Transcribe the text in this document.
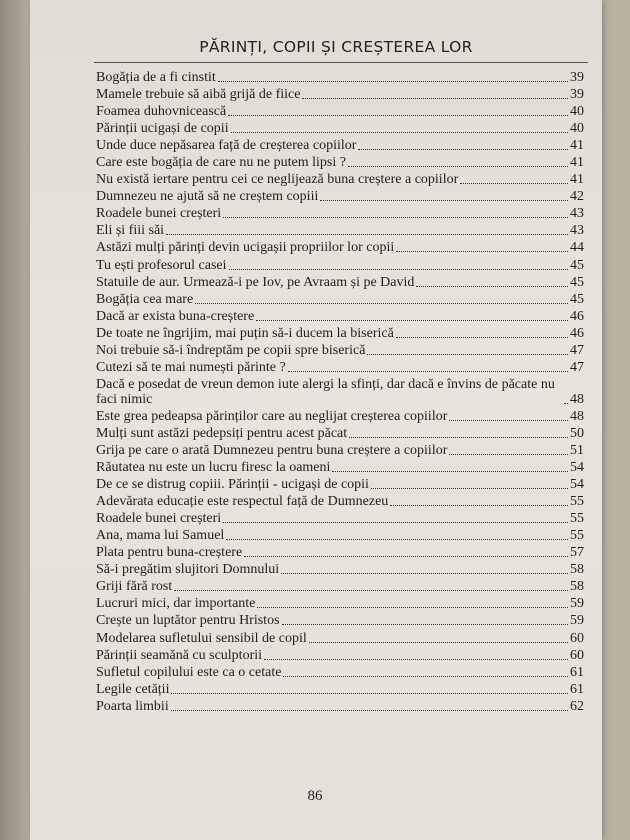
PĂRINȚI, COPII ȘI CREȘTEREA LOR
Bogăția de a fi cinstit	39
Mamele trebuie să aibă grijă de fiice	39
Foamea duhovnicească	40
Părinții ucigași de copii	40
Unde duce nepăsarea față de creșterea copiilor	41
Care este bogăția de care nu ne putem lipsi ?	41
Nu există iertare pentru cei ce neglijează buna creștere a copiilor	41
Dumnezeu ne ajută să ne creștem copiii	42
Roadele bunei creșteri	43
Eli și fiii săi	43
Astăzi mulți părinți devin ucigașii propriilor lor copii	44
Tu ești profesorul casei	45
Statuile de aur. Urmează-i pe Iov, pe Avraam și pe David	45
Bogăția cea mare	45
Dacă ar exista buna-creștere	46
De toate ne îngrijim, mai puțin să-i ducem la biserică	46
Noi trebuie să-i îndreptăm pe copii spre biserică	47
Cutezi să te mai numești părinte ?	47
Dacă e posedat de vreun demon iute alergi la sfinți, dar dacă e învins de păcate nu faci nimic	48
Este grea pedeapsa părinților care au neglijat creșterea copiilor	48
Mulți sunt astăzi pedepsiți pentru acest păcat	50
Grija pe care o arată Dumnezeu pentru buna creștere a copiilor	51
Răutatea nu este un lucru firesc la oameni	54
De ce se distrug copiii. Părinții - ucigași de copii	54
Adevărata educație este respectul față de Dumnezeu	55
Roadele bunei creșteri	55
Ana, mama lui Samuel	55
Plata pentru buna-creștere	57
Să-i pregătim slujitori Domnului	58
Griji fără rost	58
Lucruri mici, dar importante	59
Crește un luptător pentru Hristos	59
Modelarea sufletului sensibil de copil	60
Părinții seamănă cu sculptorii	60
Sufletul copilului este ca o cetate	61
Legile cetății	61
Poarta limbii	62
86
